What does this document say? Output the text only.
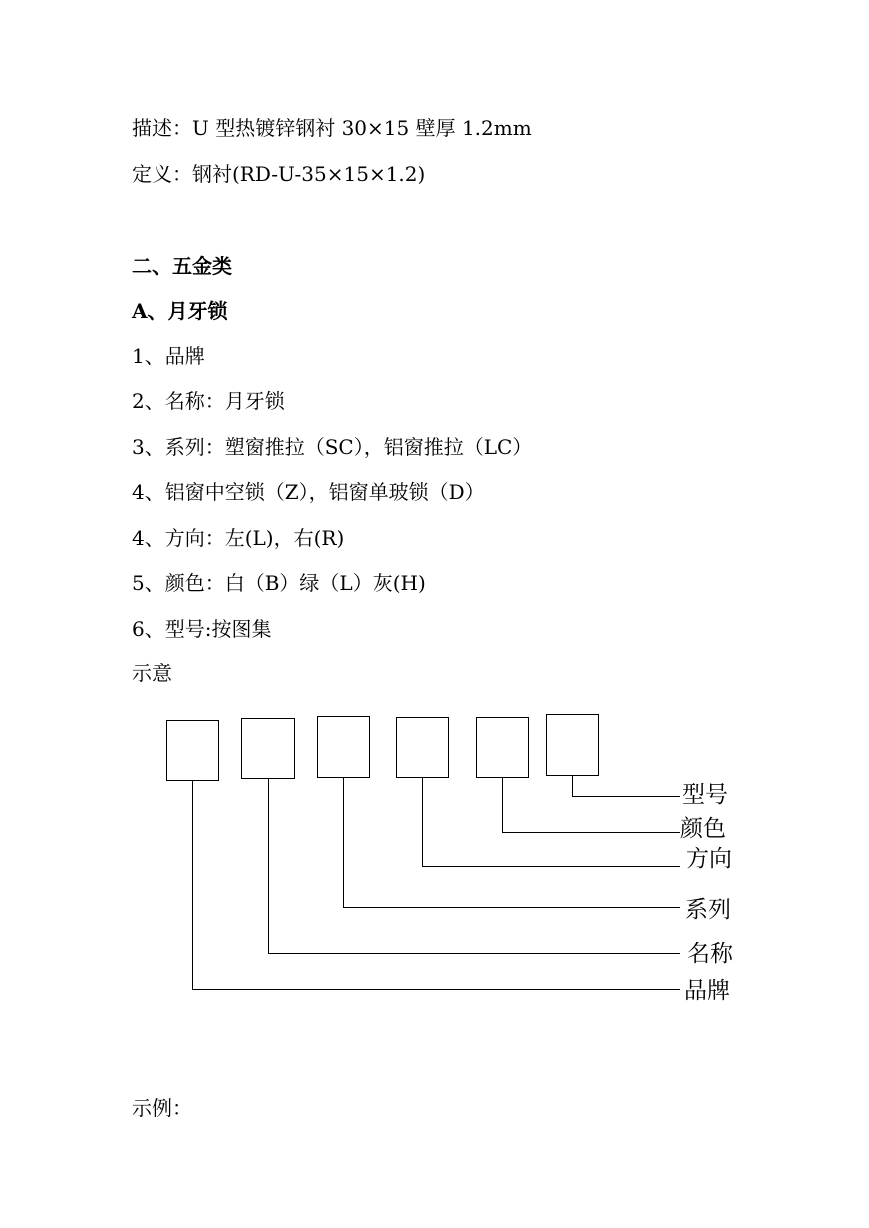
描述：U 型热镀锌钢衬 30×15 壁厚 1.2mm
定义：钢衬(RD-U-35×15×1.2)
二、五金类
A、月牙锁
1、品牌
2、名称：月牙锁
3、系列：塑窗推拉（SC），铝窗推拉（LC）
4、铝窗中空锁（Z），铝窗单玻锁（D）
4、方向：左(L)，右(R)
5、颜色：白（B）绿（L）灰(H)
6、型号:按图集
示意
型号
颜色
方向
系列
名称
品牌
示例：
